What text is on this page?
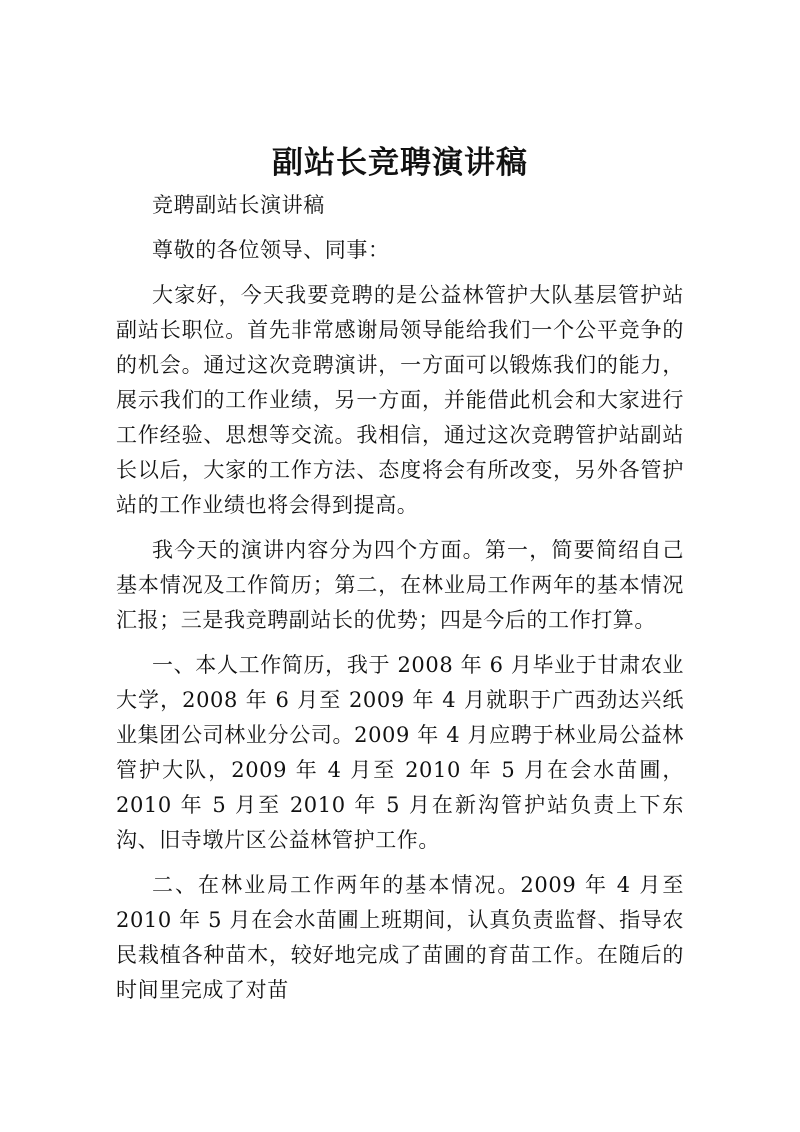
副站长竞聘演讲稿

竞聘副站长演讲稿

尊敬的各位领导、同事：

大家好，今天我要竞聘的是公益林管护大队基层管护站副站长职位。首先非常感谢局领导能给我们一个公平竞争的的机会。通过这次竞聘演讲，一方面可以锻炼我们的能力，展示我们的工作业绩，另一方面，并能借此机会和大家进行工作经验、思想等交流。我相信，通过这次竞聘管护站副站长以后，大家的工作方法、态度将会有所改变，另外各管护站的工作业绩也将会得到提高。

我今天的演讲内容分为四个方面。第一，简要简绍自己基本情况及工作简历；第二，在林业局工作两年的基本情况汇报；三是我竞聘副站长的优势；四是今后的工作打算。

一、本人工作简历，我于 2008 年 6 月毕业于甘肃农业大学，2008 年 6 月至 2009 年 4 月就职于广西劲达兴纸业集团公司林业分公司。2009 年 4 月应聘于林业局公益林管护大队，2009 年 4 月至 2010 年 5 月在会水苗圃，2010 年 5 月至 2010 年 5 月在新沟管护站负责上下东沟、旧寺墩片区公益林管护工作。

二、在林业局工作两年的基本情况。2009 年 4 月至 2010 年 5 月在会水苗圃上班期间，认真负责监督、指导农民栽植各种苗木，较好地完成了苗圃的育苗工作。在随后的时间里完成了对苗
